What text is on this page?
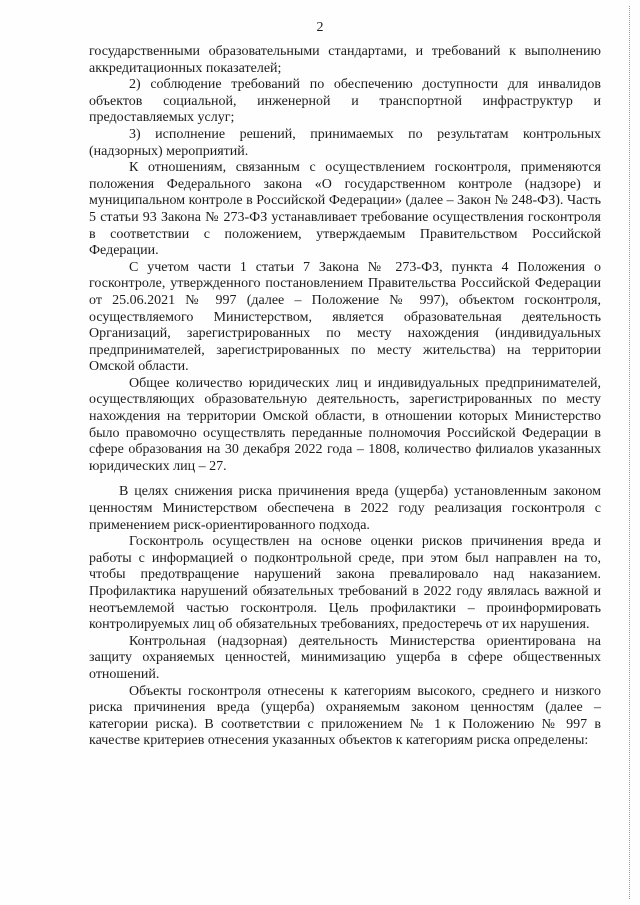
2

государственными образовательными стандартами, и требований к выполнению аккредитационных показателей;

2) соблюдение требований по обеспечению доступности для инвалидов объектов социальной, инженерной и транспортной инфраструктур и предоставляемых услуг;

3) исполнение решений, принимаемых по результатам контрольных (надзорных) мероприятий.

К отношениям, связанным с осуществлением госконтроля, применяются положения Федерального закона «О государственном контроле (надзоре) и муниципальном контроле в Российской Федерации» (далее – Закон № 248-ФЗ). Часть 5 статьи 93 Закона № 273-ФЗ устанавливает требование осуществления госконтроля в соответствии с положением, утверждаемым Правительством Российской Федерации.

С учетом части 1 статьи 7 Закона № 273-ФЗ, пункта 4 Положения о госконтроле, утвержденного постановлением Правительства Российской Федерации от 25.06.2021 № 997 (далее – Положение № 997), объектом госконтроля, осуществляемого Министерством, является образовательная деятельность Организаций, зарегистрированных по месту нахождения (индивидуальных предпринимателей, зарегистрированных по месту жительства) на территории Омской области.

Общее количество юридических лиц и индивидуальных предпринимателей, осуществляющих образовательную деятельность, зарегистрированных по месту нахождения на территории Омской области, в отношении которых Министерство было правомочно осуществлять переданные полномочия Российской Федерации в сфере образования на 30 декабря 2022 года – 1808, количество филиалов указанных юридических лиц – 27.

В целях снижения риска причинения вреда (ущерба) установленным законом ценностям Министерством обеспечена в 2022 году реализация госконтроля с применением риск-ориентированного подхода.

Госконтроль осуществлен на основе оценки рисков причинения вреда и работы с информацией о подконтрольной среде, при этом был направлен на то, чтобы предотвращение нарушений закона превалировало над наказанием. Профилактика нарушений обязательных требований в 2022 году являлась важной и неотъемлемой частью госконтроля. Цель профилактики – проинформировать контролируемых лиц об обязательных требованиях, предостеречь от их нарушения.

Контрольная (надзорная) деятельность Министерства ориентирована на защиту охраняемых ценностей, минимизацию ущерба в сфере общественных отношений.

Объекты госконтроля отнесены к категориям высокого, среднего и низкого риска причинения вреда (ущерба) охраняемым законом ценностям (далее – категории риска). В соответствии с приложением № 1 к Положению № 997 в качестве критериев отнесения указанных объектов к категориям риска определены:
